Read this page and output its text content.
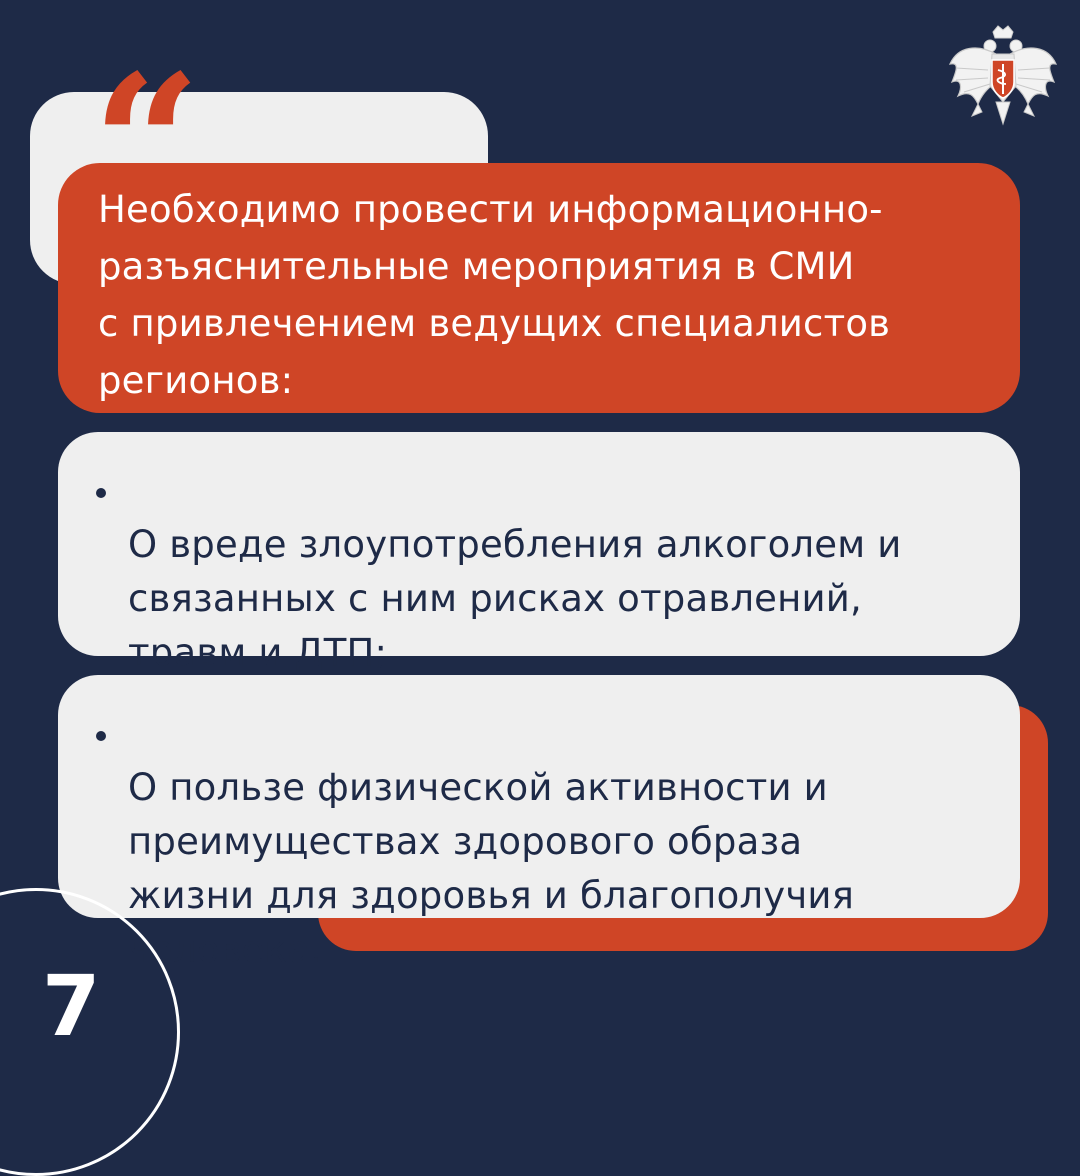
Необходимо провести информационно-
разъяснительные мероприятия в СМИ
с привлечением ведущих специалистов
регионов:

“

О вреде злоупотребления алкоголем и
связанных с ним рисках отравлений,
травм и ДТП;

О пользе физической активности и
преимуществах здорового образа
жизни для здоровья и благополучия
человека.

7
